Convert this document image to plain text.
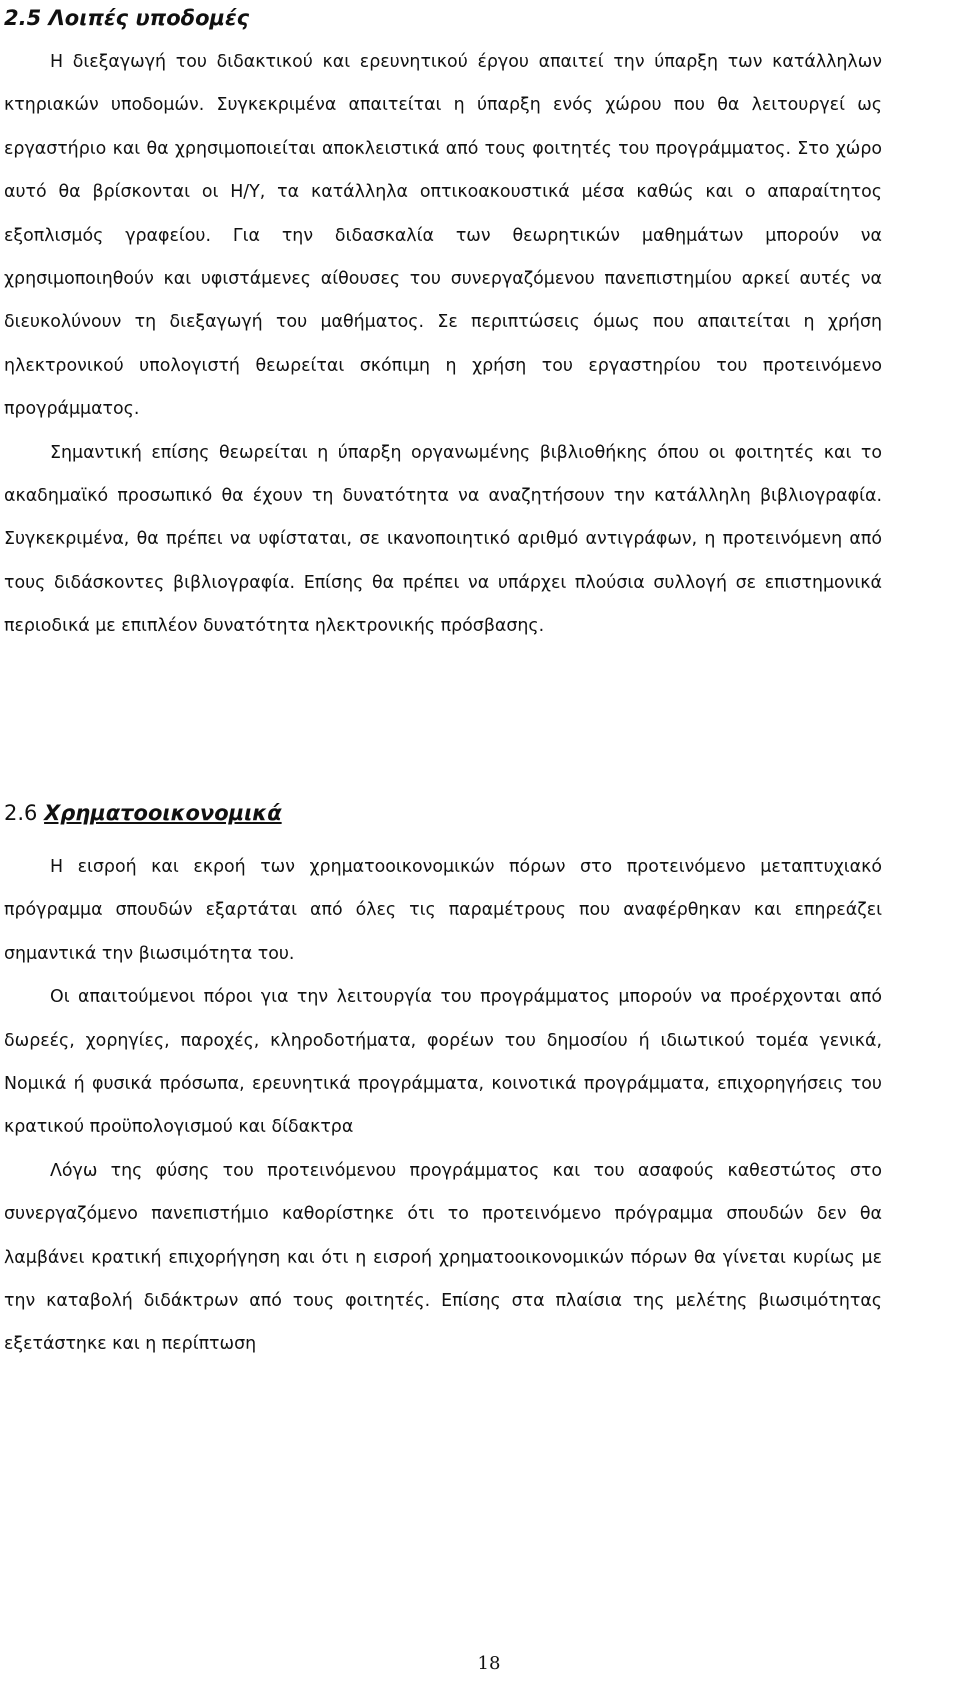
2.5 Λοιπές υποδομές

Η διεξαγωγή του διδακτικού και ερευνητικού έργου απαιτεί την ύπαρξη των κατάλληλων κτηριακών υποδομών. Συγκεκριμένα απαιτείται η ύπαρξη ενός χώρου που θα λειτουργεί ως εργαστήριο και θα χρησιμοποιείται αποκλειστικά από τους φοιτητές του προγράμματος. Στο χώρο αυτό θα βρίσκονται οι Η/Υ, τα κατάλληλα οπτικοακουστικά μέσα καθώς και ο απαραίτητος εξοπλισμός γραφείου. Για την διδασκαλία των θεωρητικών μαθημάτων μπορούν να χρησιμοποιηθούν και υφιστάμενες αίθουσες του συνεργαζόμενου πανεπιστημίου αρκεί αυτές να διευκολύνουν τη διεξαγωγή του μαθήματος. Σε περιπτώσεις όμως που απαιτείται η χρήση ηλεκτρονικού υπολογιστή θεωρείται σκόπιμη η χρήση του εργαστηρίου του προτεινόμενο προγράμματος.

Σημαντική επίσης θεωρείται η ύπαρξη οργανωμένης βιβλιοθήκης όπου οι φοιτητές και το ακαδημαϊκό προσωπικό θα έχουν τη δυνατότητα να αναζητήσουν την κατάλληλη βιβλιογραφία. Συγκεκριμένα, θα πρέπει να υφίσταται, σε ικανοποιητικό αριθμό αντιγράφων, η προτεινόμενη από τους διδάσκοντες βιβλιογραφία. Επίσης θα πρέπει να υπάρχει πλούσια συλλογή σε επιστημονικά περιοδικά με επιπλέον δυνατότητα ηλεκτρονικής πρόσβασης.

2.6 Χρηματοοικονομικά

Η εισροή και εκροή των χρηματοοικονομικών πόρων στο προτεινόμενο μεταπτυχιακό πρόγραμμα σπουδών εξαρτάται από όλες τις παραμέτρους που αναφέρθηκαν και επηρεάζει σημαντικά την βιωσιμότητα του.

Οι απαιτούμενοι πόροι για την λειτουργία του προγράμματος μπορούν να προέρχονται από δωρεές, χορηγίες, παροχές, κληροδοτήματα, φορέων του δημοσίου ή ιδιωτικού τομέα γενικά, Νομικά ή φυσικά πρόσωπα, ερευνητικά προγράμματα, κοινοτικά προγράμματα, επιχορηγήσεις του κρατικού προϋπολογισμού και δίδακτρα

Λόγω της φύσης του προτεινόμενου προγράμματος και του ασαφούς καθεστώτος στο συνεργαζόμενο πανεπιστήμιο καθορίστηκε ότι το προτεινόμενο πρόγραμμα σπουδών δεν θα λαμβάνει κρατική επιχορήγηση και ότι η εισροή χρηματοοικονομικών πόρων θα γίνεται κυρίως με την καταβολή διδάκτρων από τους φοιτητές. Επίσης στα πλαίσια της μελέτης βιωσιμότητας εξετάστηκε και η περίπτωση

18
